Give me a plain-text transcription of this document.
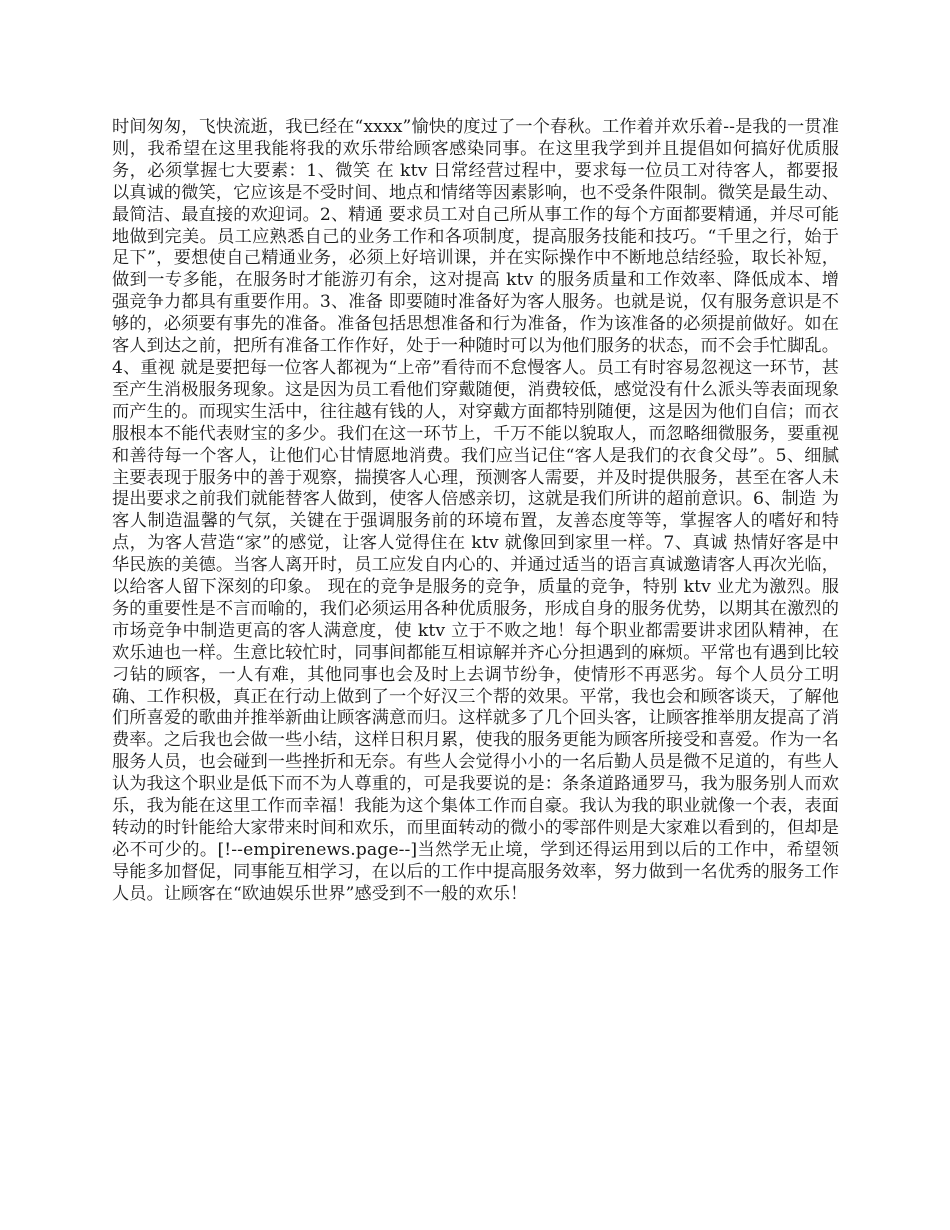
时间匆匆，飞快流逝，我已经在“xxxx”愉快的度过了一个春秋。工作着并欢乐着--是我的一贯准则，我希望在这里我能将我的欢乐带给顾客感染同事。在这里我学到并且提倡如何搞好优质服务，必须掌握七大要素：1、微笑 在 ktv 日常经营过程中，要求每一位员工对待客人，都要报以真诚的微笑，它应该是不受时间、地点和情绪等因素影响，也不受条件限制。微笑是最生动、最简洁、最直接的欢迎词。2、精通 要求员工对自己所从事工作的每个方面都要精通，并尽可能地做到完美。员工应熟悉自己的业务工作和各项制度，提高服务技能和技巧。“千里之行，始于足下”，要想使自己精通业务，必须上好培训课，并在实际操作中不断地总结经验，取长补短，做到一专多能，在服务时才能游刃有余，这对提高 ktv 的服务质量和工作效率、降低成本、增强竞争力都具有重要作用。3、准备 即要随时准备好为客人服务。也就是说，仅有服务意识是不够的，必须要有事先的准备。准备包括思想准备和行为准备，作为该准备的必须提前做好。如在客人到达之前，把所有准备工作作好，处于一种随时可以为他们服务的状态，而不会手忙脚乱。4、重视 就是要把每一位客人都视为“上帝”看待而不怠慢客人。员工有时容易忽视这一环节，甚至产生消极服务现象。这是因为员工看他们穿戴随便，消费较低，感觉没有什么派头等表面现象而产生的。而现实生活中，往往越有钱的人，对穿戴方面都特别随便，这是因为他们自信；而衣服根本不能代表财宝的多少。我们在这一环节上，千万不能以貌取人，而忽略细微服务，要重视和善待每一个客人，让他们心甘情愿地消费。我们应当记住“客人是我们的衣食父母”。5、细腻 主要表现于服务中的善于观察，揣摸客人心理，预测客人需要，并及时提供服务，甚至在客人未提出要求之前我们就能替客人做到，使客人倍感亲切，这就是我们所讲的超前意识。6、制造 为客人制造温馨的气氛，关键在于强调服务前的环境布置，友善态度等等，掌握客人的嗜好和特点，为客人营造“家”的感觉，让客人觉得住在 ktv 就像回到家里一样。7、真诚 热情好客是中华民族的美德。当客人离开时，员工应发自内心的、并通过适当的语言真诚邀请客人再次光临，以给客人留下深刻的印象。 现在的竞争是服务的竞争，质量的竞争，特别 ktv 业尤为激烈。服务的重要性是不言而喻的，我们必须运用各种优质服务，形成自身的服务优势，以期其在激烈的市场竞争中制造更高的客人满意度，使 ktv 立于不败之地！每个职业都需要讲求团队精神，在欢乐迪也一样。生意比较忙时，同事间都能互相谅解并齐心分担遇到的麻烦。平常也有遇到比较刁钻的顾客，一人有难，其他同事也会及时上去调节纷争，使情形不再恶劣。每个人员分工明确、工作积极，真正在行动上做到了一个好汉三个帮的效果。平常，我也会和顾客谈天，了解他们所喜爱的歌曲并推举新曲让顾客满意而归。这样就多了几个回头客，让顾客推举朋友提高了消费率。之后我也会做一些小结，这样日积月累，使我的服务更能为顾客所接受和喜爱。作为一名服务人员，也会碰到一些挫折和无奈。有些人会觉得小小的一名后勤人员是微不足道的，有些人认为我这个职业是低下而不为人尊重的，可是我要说的是：条条道路通罗马，我为服务别人而欢乐，我为能在这里工作而幸福！我能为这个集体工作而自豪。我认为我的职业就像一个表，表面转动的时针能给大家带来时间和欢乐，而里面转动的微小的零部件则是大家难以看到的，但却是必不可少的。[!--empirenews.page--]当然学无止境，学到还得运用到以后的工作中，希望领导能多加督促，同事能互相学习，在以后的工作中提高服务效率，努力做到一名优秀的服务工作人员。让顾客在“欧迪娱乐世界”感受到不一般的欢乐！
